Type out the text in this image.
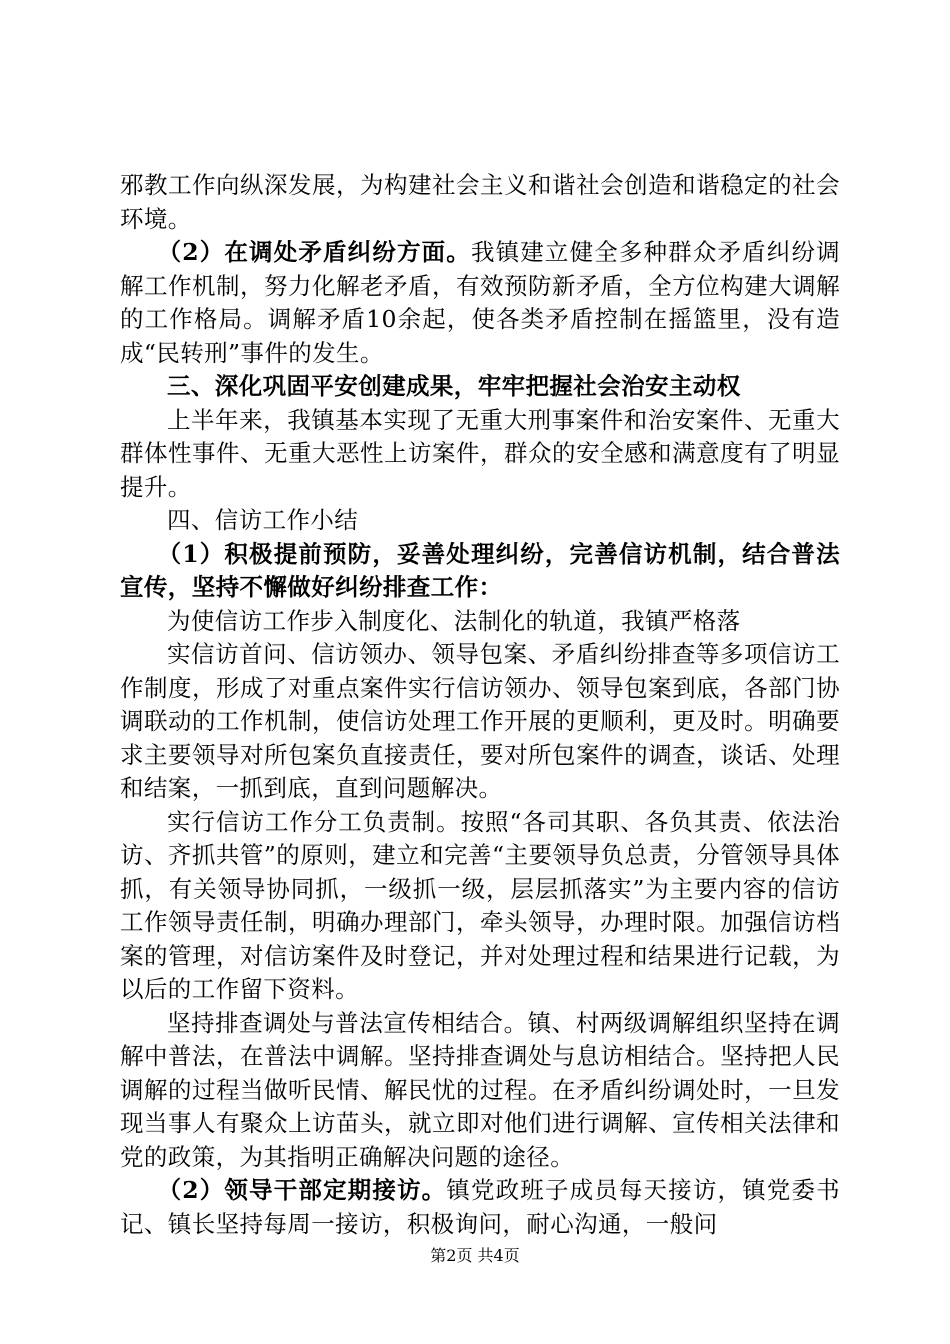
邪教工作向纵深发展，为构建社会主义和谐社会创造和谐稳定的社会环境。

（2）在调处矛盾纠纷方面。我镇建立健全多种群众矛盾纠纷调解工作机制，努力化解老矛盾，有效预防新矛盾，全方位构建大调解的工作格局。调解矛盾10余起，使各类矛盾控制在摇篮里，没有造成“民转刑”事件的发生。

三、深化巩固平安创建成果，牢牢把握社会治安主动权

上半年来，我镇基本实现了无重大刑事案件和治安案件、无重大群体性事件、无重大恶性上访案件，群众的安全感和满意度有了明显提升。

四、信访工作小结

（1）积极提前预防，妥善处理纠纷，完善信访机制，结合普法宣传，坚持不懈做好纠纷排查工作：

为使信访工作步入制度化、法制化的轨道，我镇严格落

实信访首问、信访领办、领导包案、矛盾纠纷排查等多项信访工作制度，形成了对重点案件实行信访领办、领导包案到底，各部门协调联动的工作机制，使信访处理工作开展的更顺利，更及时。明确要求主要领导对所包案负直接责任，要对所包案件的调查，谈话、处理和结案，一抓到底，直到问题解决。

实行信访工作分工负责制。按照“各司其职、各负其责、依法治访、齐抓共管”的原则，建立和完善“主要领导负总责，分管领导具体抓，有关领导协同抓，一级抓一级，层层抓落实”为主要内容的信访工作领导责任制，明确办理部门，牵头领导，办理时限。加强信访档案的管理，对信访案件及时登记，并对处理过程和结果进行记载，为以后的工作留下资料。

坚持排查调处与普法宣传相结合。镇、村两级调解组织坚持在调解中普法，在普法中调解。坚持排查调处与息访相结合。坚持把人民调解的过程当做听民情、解民忧的过程。在矛盾纠纷调处时，一旦发现当事人有聚众上访苗头，就立即对他们进行调解、宣传相关法律和党的政策，为其指明正确解决问题的途径。

（2）领导干部定期接访。镇党政班子成员每天接访，镇党委书记、镇长坚持每周一接访，积极询问，耐心沟通，一般问

第2页 共4页
